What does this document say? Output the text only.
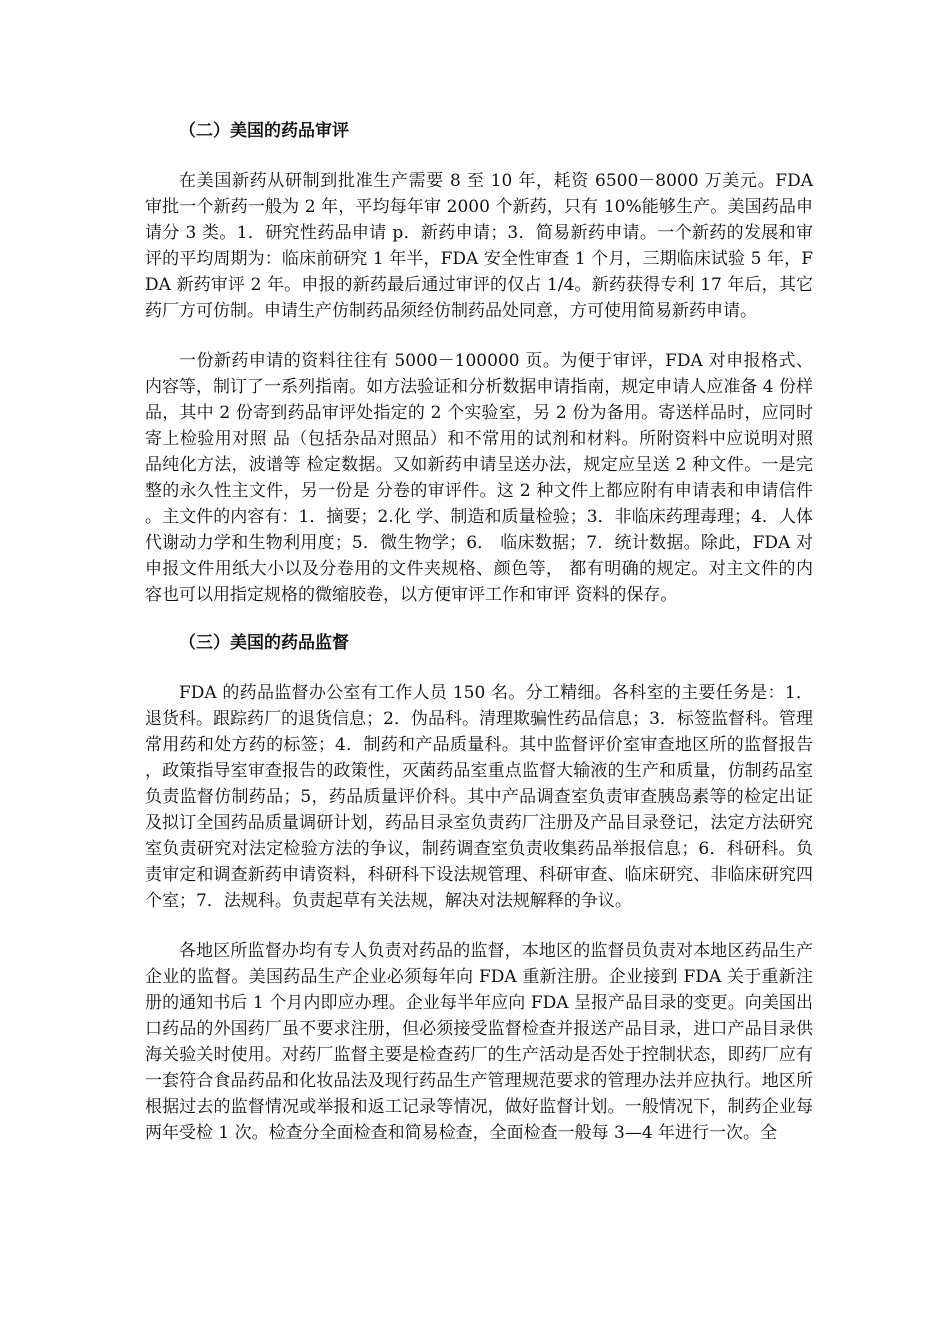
（二）美国的药品审评

在美国新药从研制到批准生产需要 8 至 10 年，耗资 6500－8000 万美元。FDA 审批一个新药一般为 2 年，平均每年审 2000 个新药，只有 10%能够生产。美国药品申请分 3 类。1．研究性药品申请 p．新药申请；3．简易新药申请。一个新药的发展和审评的平均周期为：临床前研究 1 年半，FDA 安全性审查 1 个月，三期临床试验 5 年，FDA 新药审评 2 年。申报的新药最后通过审评的仅占 1/4。新药获得专利 17 年后，其它药厂方可仿制。申请生产仿制药品须经仿制药品处同意，方可使用简易新药申请。

一份新药申请的资料往往有 5000－100000 页。为便于审评，FDA 对申报格式、内容等，制订了一系列指南。如方法验证和分析数据申请指南，规定申请人应准备 4 份样品，其中 2 份寄到药品审评处指定的 2 个实验室，另 2 份为备用。寄送样品时，应同时寄上检验用对照 品（包括杂品对照品）和不常用的试剂和材料。所附资料中应说明对照品纯化方法，波谱等 检定数据。又如新药申请呈送办法，规定应呈送 2 种文件。一是完整的永久性主文件，另一份是 分卷的审评件。这 2 种文件上都应附有申请表和申请信件。主文件的内容有：1．摘要；2.化 学、制造和质量检验；3．非临床药理毒理；4．人体代谢动力学和生物利用度；5．微生物学；6． 临床数据；7．统计数据。除此，FDA 对申报文件用纸大小以及分卷用的文件夹规格、颜色等， 都有明确的规定。对主文件的内容也可以用指定规格的微缩胶卷，以方便审评工作和审评 资料的保存。

（三）美国的药品监督

FDA 的药品监督办公室有工作人员 150 名。分工精细。各科室的主要任务是：1．退货科。跟踪药厂的退货信息；2．伪品科。清理欺骗性药品信息；3．标签监督科。管理常用药和处方药的标签；4．制药和产品质量科。其中监督评价室审查地区所的监督报告，政策指导室审查报告的政策性，灭菌药品室重点监督大输液的生产和质量，仿制药品室负责监督仿制药品；5，药品质量评价科。其中产品调查室负责审查胰岛素等的检定出证及拟订全国药品质量调研计划，药品目录室负责药厂注册及产品目录登记，法定方法研究室负责研究对法定检验方法的争议，制药调查室负责收集药品举报信息；6．科研科。负责审定和调查新药申请资料，科研科下设法规管理、科研审查、临床研究、非临床研究四个室；7．法规科。负责起草有关法规，解决对法规解释的争议。

各地区所监督办均有专人负责对药品的监督，本地区的监督员负责对本地区药品生产企业的监督。美国药品生产企业必须每年向 FDA 重新注册。企业接到 FDA 关于重新注册的通知书后 1 个月内即应办理。企业每半年应向 FDA 呈报产品目录的变更。向美国出口药品的外国药厂虽不要求注册，但必须接受监督检查并报送产品目录，进口产品目录供海关验关时使用。对药厂监督主要是检查药厂的生产活动是否处于控制状态，即药厂应有一套符合食品药品和化妆品法及现行药品生产管理规范要求的管理办法并应执行。地区所根据过去的监督情况或举报和返工记录等情况，做好监督计划。一般情况下，制药企业每两年受检 1 次。检查分全面检查和简易检查，全面检查一般每 3—4 年进行一次。全
